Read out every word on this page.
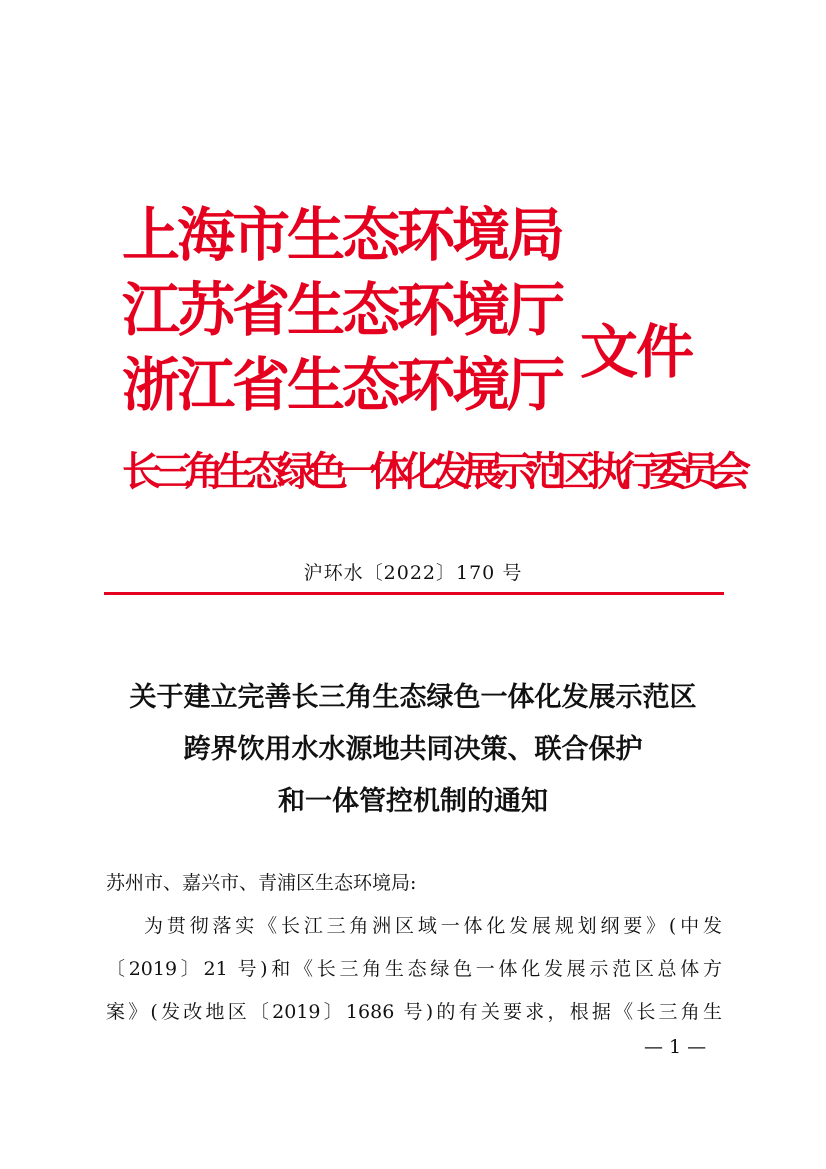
上海市生态环境局
江苏省生态环境厅
浙江省生态环境厅
长三角生态绿色一体化发展示范区执行委员会
文件
沪环水〔2022〕170 号
关于建立完善长三角生态绿色一体化发展示范区
跨界饮用水水源地共同决策、联合保护
和一体管控机制的通知

苏州市、嘉兴市、青浦区生态环境局:

为贯彻落实《长江三角洲区域一体化发展规划纲要》(中发

〔2019〕21 号)和《长三角生态绿色一体化发展示范区总体方

案》(发改地区〔2019〕1686 号)的有关要求，根据《长三角生

— 1 —
